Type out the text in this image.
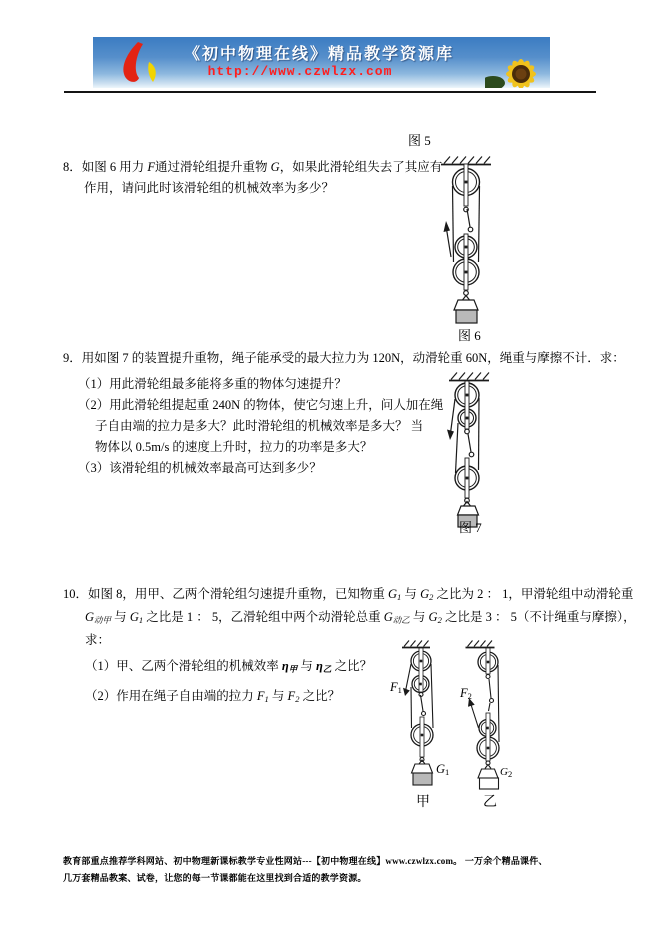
《初中物理在线》精品教学资源库
http://www.czwlzx.com
图 5
8．如图 6 用力 F通过滑轮组提升重物 G，如果此滑轮组失去了其应有
作用，请问此时该滑轮组的机械效率为多少？
图 6
9．用如图 7 的装置提升重物，绳子能承受的最大拉力为 120N，动滑轮重 60N，绳重与摩擦不计．求：
（1）用此滑轮组最多能将多重的物体匀速提升？
（2）用此滑轮组提起重 240N 的物体，使它匀速上升，问人加在绳
子自由端的拉力是多大？此时滑轮组的机械效率是多大？ 当
物体以 0.5m/s 的速度上升时，拉力的功率是多大？
（3）该滑轮组的机械效率最高可达到多少？
图 7
10．如图 8，用甲、乙两个滑轮组匀速提升重物，已知物重 $G_1$ 与 $G_2$ 之比为 2 ： 1，甲滑轮组中动滑轮重
$G_{动甲}$ 与 $G_1$ 之比是 1 ： 5，乙滑轮组中两个动滑轮总重 $G_{动乙}$ 与 $G_2$ 之比是 3 ： 5（不计绳重与摩擦），
求：
（1）甲、乙两个滑轮组的机械效率 $\eta_甲$ 与 $\eta_乙$ 之比？
（2）作用在绳子自由端的拉力 $F_1$ 与 $F_2$ 之比？
$F_1$	$F_2$
$G_1$	$G_2$
甲	乙
教育部重点推荐学科网站、初中物理新课标教学专业性网站---【初中物理在线】www.czwlzx.com。 一万余个精品课件、
几万套精品教案、试卷，让您的每一节课都能在这里找到合适的教学资源。
